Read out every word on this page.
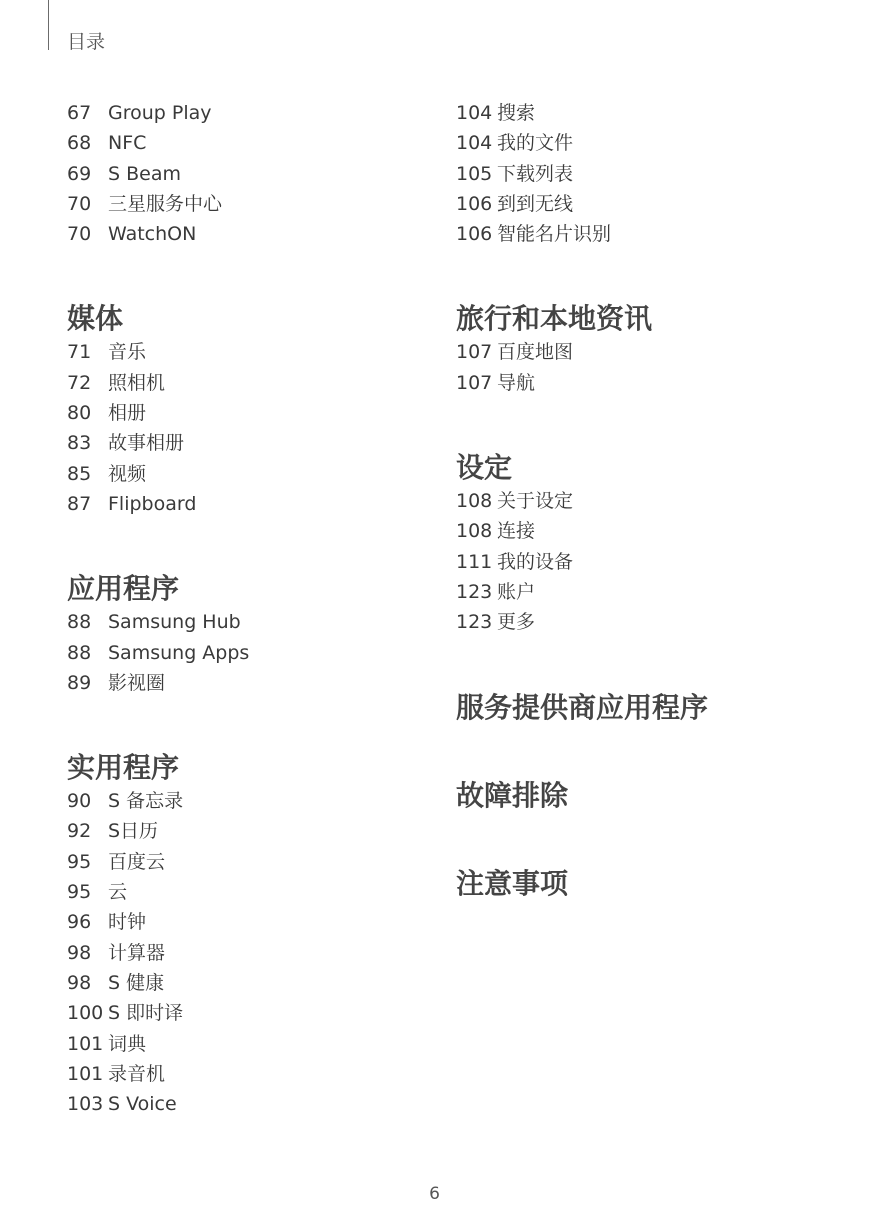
目录
67 Group Play
68 NFC
69 S Beam
70 三星服务中心
70 WatchON
媒体
71 音乐
72 照相机
80 相册
83 故事相册
85 视频
87 Flipboard
应用程序
88 Samsung Hub
88 Samsung Apps
89 影视圈
实用程序
90 S 备忘录
92 S日历
95 百度云
95 云
96 时钟
98 计算器
98 S 健康
100 S 即时译
101 词典
101 录音机
103 S Voice
104 搜索
104 我的文件
105 下载列表
106 到到无线
106 智能名片识别
旅行和本地资讯
107 百度地图
107 导航
设定
108 关于设定
108 连接
111 我的设备
123 账户
123 更多
服务提供商应用程序
故障排除
注意事项
6
